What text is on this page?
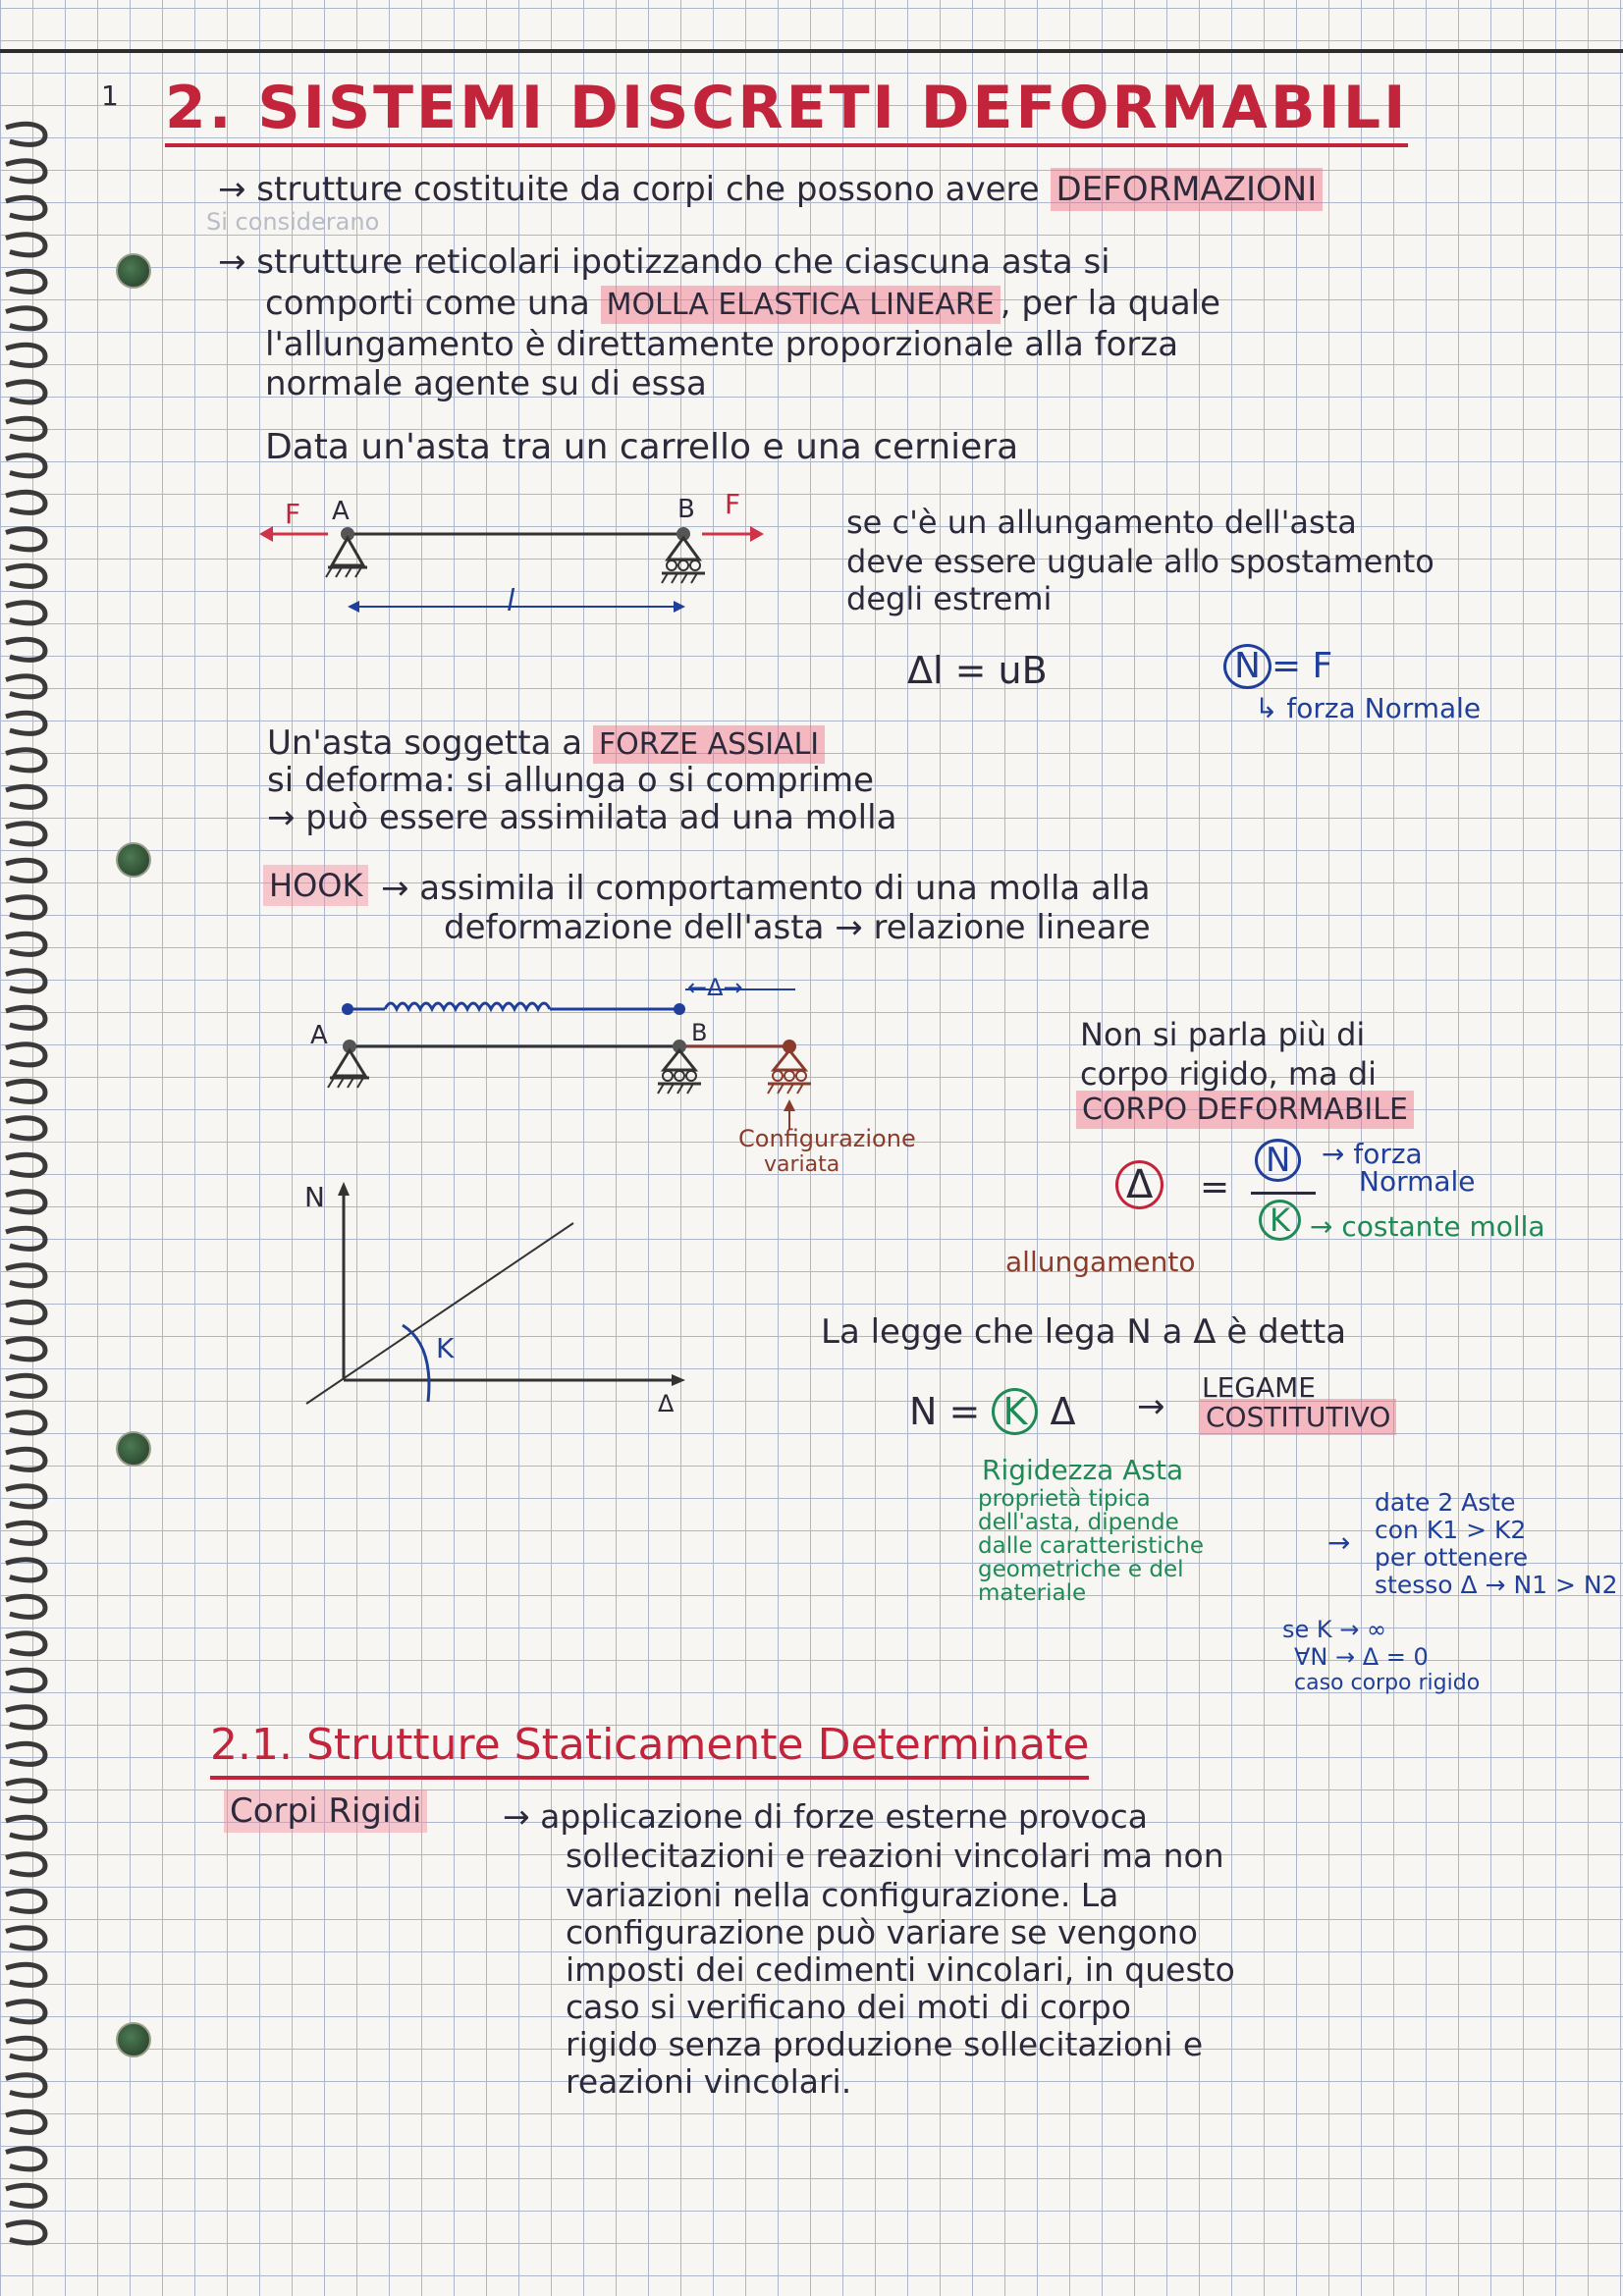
1 2. SISTEMI DISCRETI DEFORMABILI
→ strutture costituite da corpi che possono avere DEFORMAZIONI
Si considerano
→ strutture reticolari ipotizzando che ciascuna asta si
comporti come una MOLLA ELASTICA LINEARE , per la quale
l'allungamento è direttamente proporzionale alla forza
normale agente su di essa
Data un'asta tra un carrello e una cerniera
A	B
F	F
l
se c'è un allungamento dell'asta
deve essere uguale allo spostamento
degli estremi
Δl = uB	N = F
↳ forza Normale
Un'asta soggetta a FORZE ASSIALI
si deforma: si allunga o si comprime
→ può essere assimilata ad una molla
HOOK → assimila il comportamento di una molla alla
deformazione dell'asta → relazione lineare
A	B
←Δ→
Configurazione
variata
Non si parla più di
corpo rigido, ma di
CORPO DEFORMABILE
Δ	=
N
K
→ forza
Normale
→ costante molla
allungamento
N
Δ
K	La legge che lega N a Δ è detta
N = K Δ → LEGAME
COSTITUTIVO
Rigidezza Asta
proprietà tipica
dell'asta, dipende
dalle caratteristiche
geometriche e del
materiale
date 2 Aste
con K1 > K2
→ per ottenere
stesso Δ → N1 > N2
se K → ∞
∀N → Δ = 0
caso corpo rigido
2.1. Strutture Staticamente Determinate
Corpi Rigidi	→ applicazione di forze esterne provoca
sollecitazioni e reazioni vincolari ma non
variazioni nella configurazione. La
configurazione può variare se vengono
imposti dei cedimenti vincolari, in questo
caso si verificano dei moti di corpo
rigido senza produzione sollecitazioni e
reazioni vincolari.
